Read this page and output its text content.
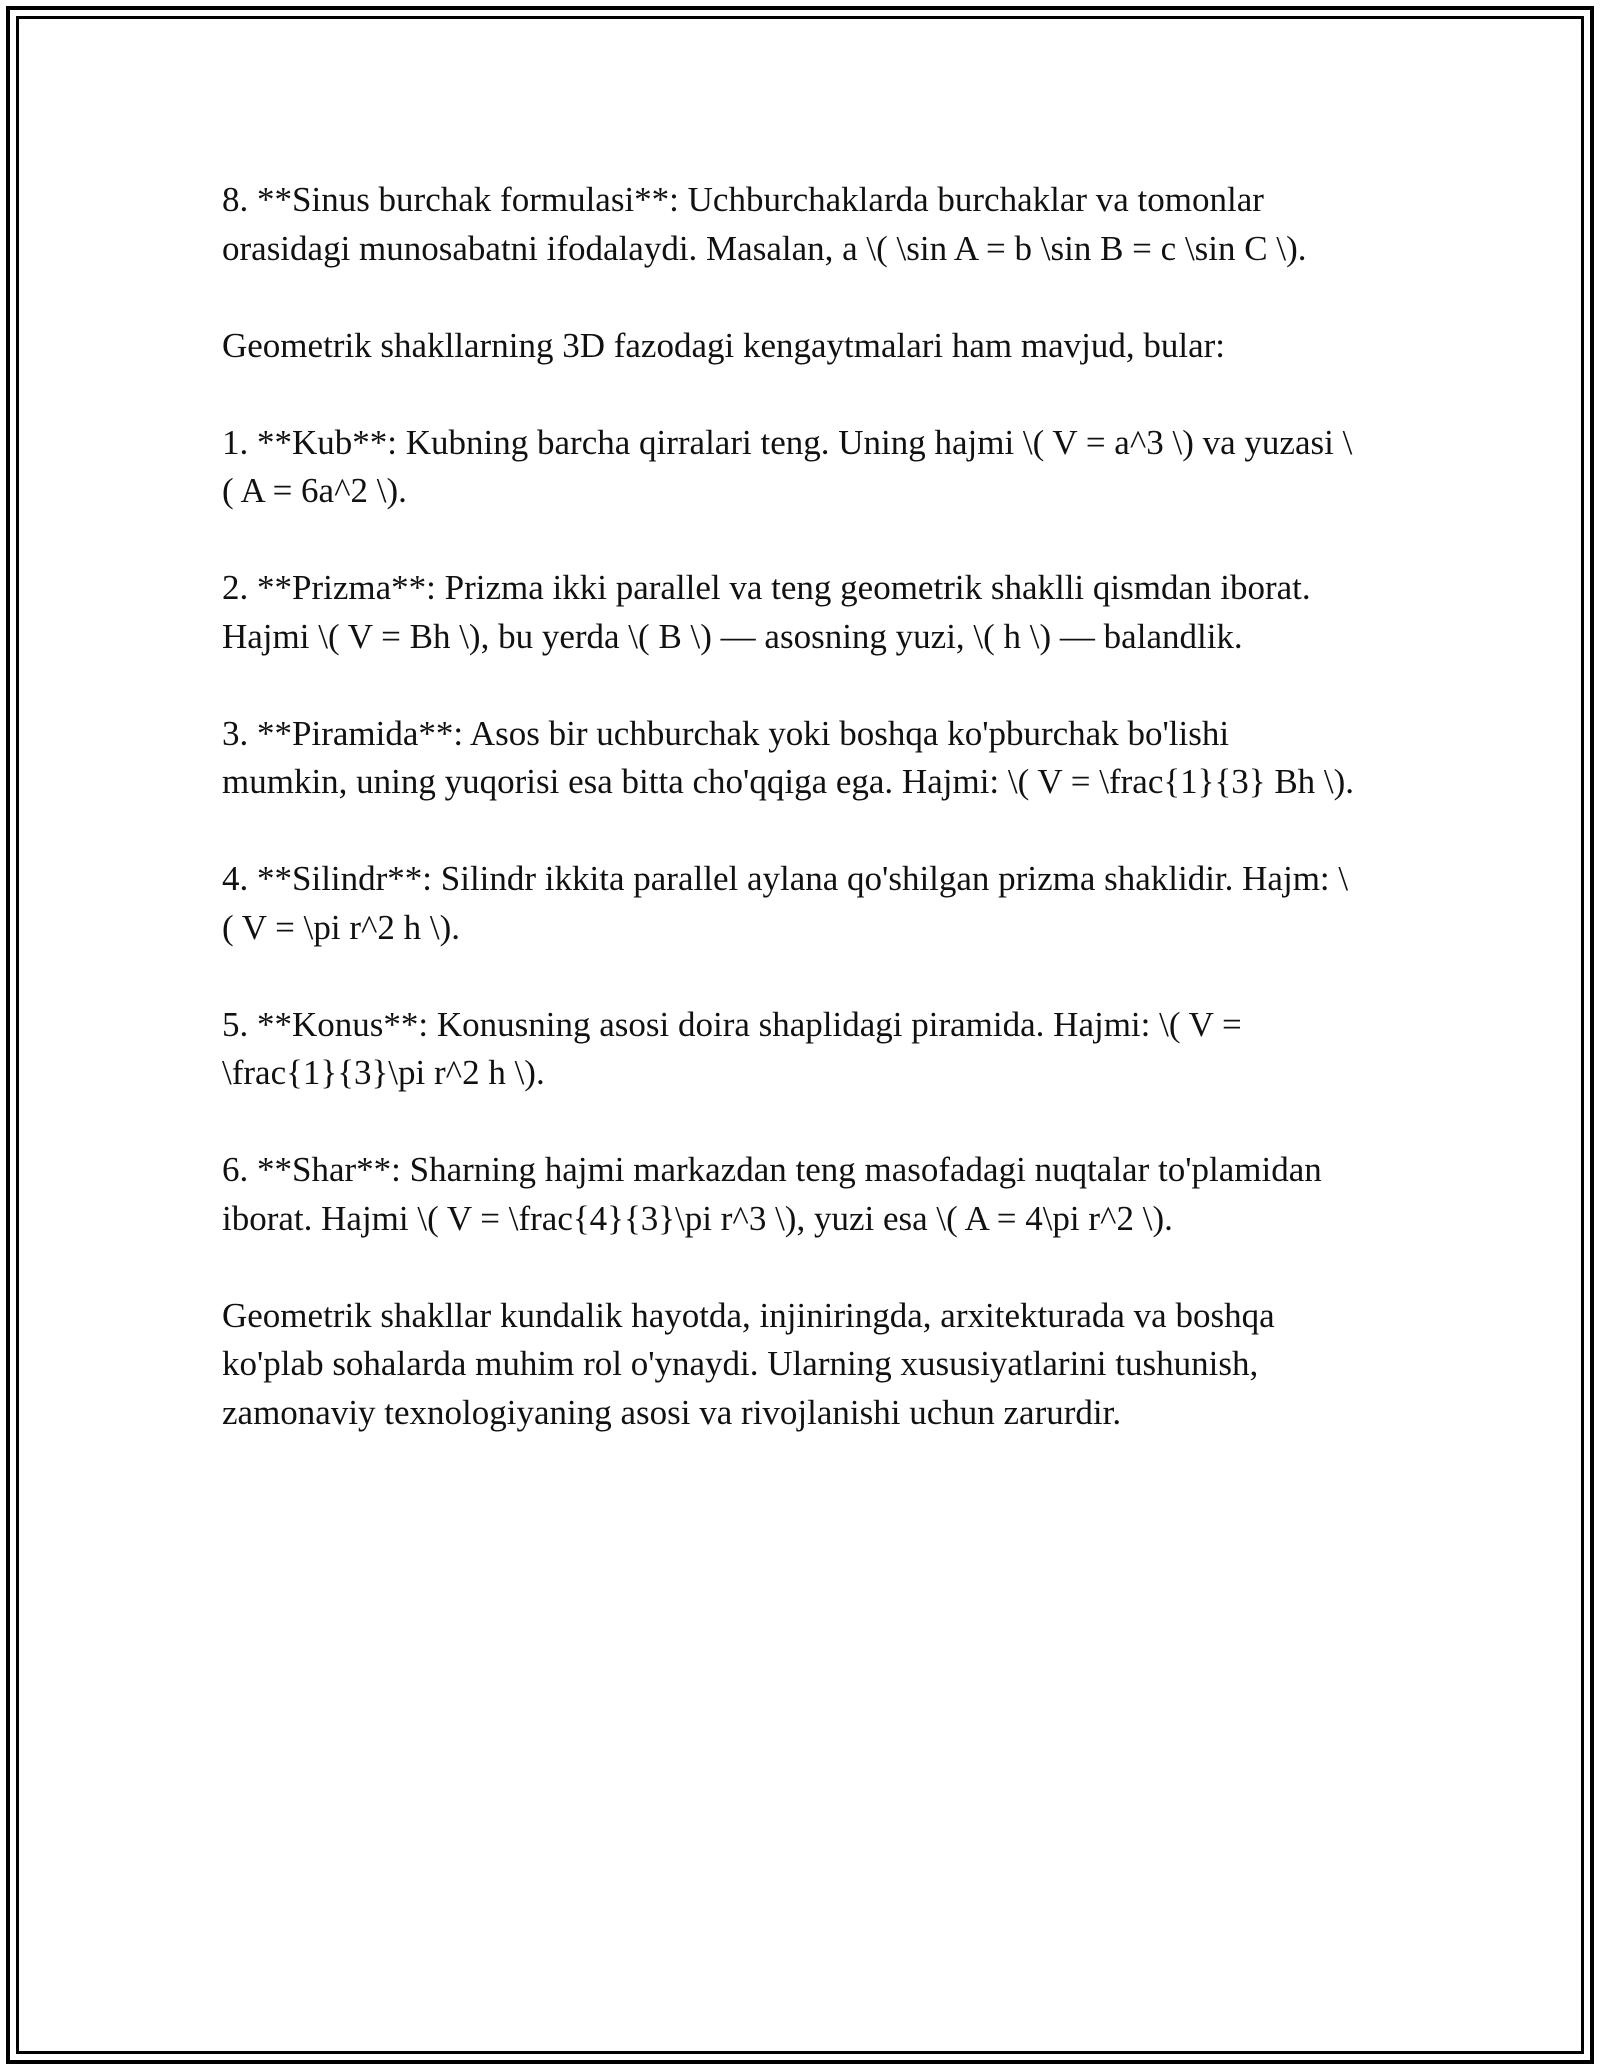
8. **Sinus burchak formulasi**: Uchburchaklarda burchaklar va tomonlar orasidagi munosabatni ifodalaydi. Masalan, a \( \sin A = b \sin B = c \sin C \).

Geometrik shakllarning 3D fazodagi kengaytmalari ham mavjud, bular:

1. **Kub**: Kubning barcha qirralari teng. Uning hajmi \( V = a^3 \) va yuzasi \( A = 6a^2 \).

2. **Prizma**: Prizma ikki parallel va teng geometrik shaklli qismdan iborat. Hajmi \( V = Bh \), bu yerda \( B \) — asosning yuzi, \( h \) — balandlik.

3. **Piramida**: Asos bir uchburchak yoki boshqa ko'pburchak bo'lishi mumkin, uning yuqorisi esa bitta cho'qqiga ega. Hajmi: \( V = \frac{1}{3} Bh \).

4. **Silindr**: Silindr ikkita parallel aylana qo'shilgan prizma shaklidir. Hajm: \( V = \pi r^2 h \).

5. **Konus**: Konusning asosi doira shaplidagi piramida. Hajmi: \( V = \frac{1}{3}\pi r^2 h \).

6. **Shar**: Sharning hajmi markazdan teng masofadagi nuqtalar to'plamidan iborat. Hajmi \( V = \frac{4}{3}\pi r^3 \), yuzi esa \( A = 4\pi r^2 \).

Geometrik shakllar kundalik hayotda, injiniringda, arxitekturada va boshqa ko'plab sohalarda muhim rol o'ynaydi. Ularning xususiyatlarini tushunish, zamonaviy texnologiyaning asosi va rivojlanishi uchun zarurdir.
